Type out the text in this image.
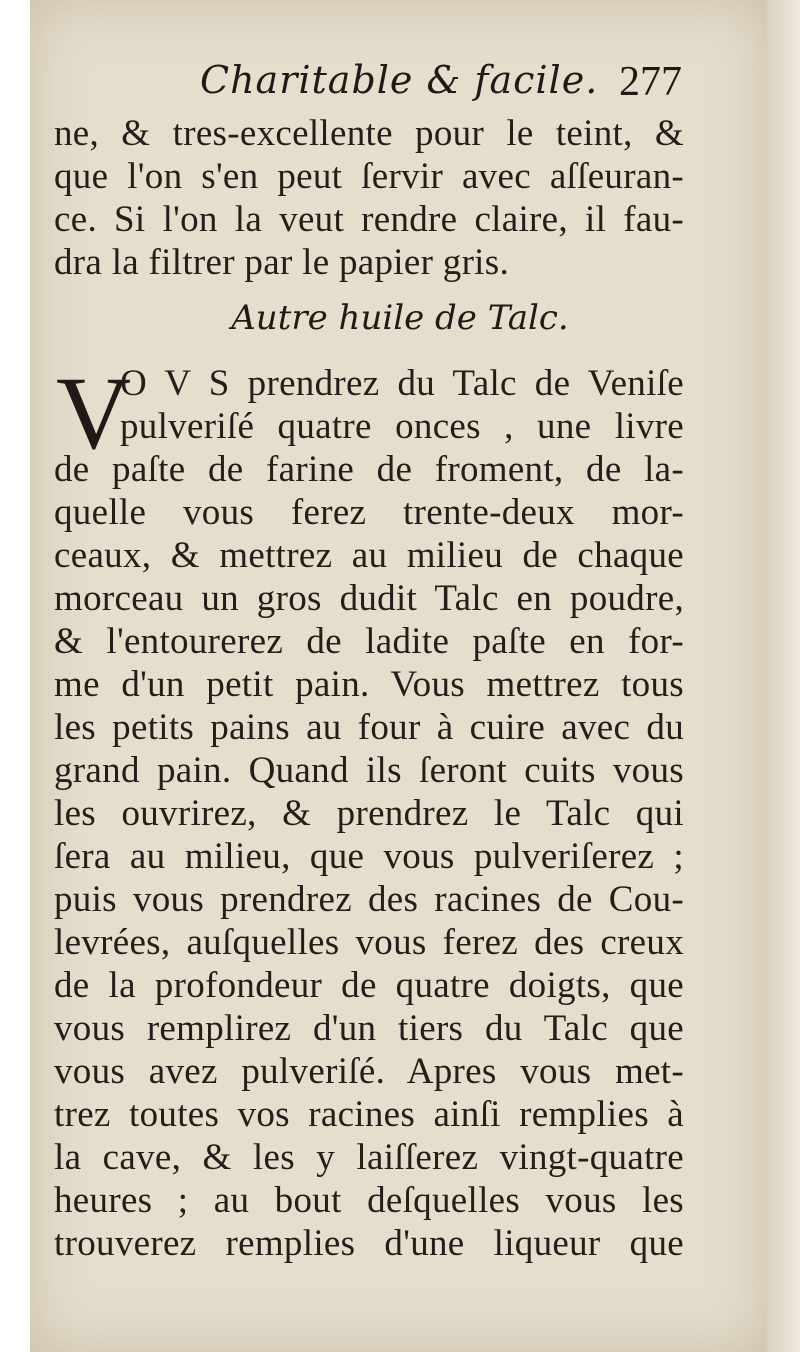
Charitable & facile. 277
ne, & tres-excellente pour le teint, &
que l'on s'en peut ſervir avec aſſeuran-
ce. Si l'on la veut rendre claire, il fau-
dra la filtrer par le papier gris.
Autre huile de Talc.
V
O V S prendrez du Talc de Veniſe
pulveriſé quatre onces , une livre
de paſte de farine de froment, de la-
quelle vous ferez trente-deux mor-
ceaux, & mettrez au milieu de chaque
morceau un gros dudit Talc en poudre,
& l'entourerez de ladite paſte en for-
me d'un petit pain. Vous mettrez tous
les petits pains au four à cuire avec du
grand pain. Quand ils ſeront cuits vous
les ouvrirez, & prendrez le Talc qui
ſera au milieu, que vous pulveriſerez ;
puis vous prendrez des racines de Cou-
levrées, auſquelles vous ferez des creux
de la profondeur de quatre doigts, que
vous remplirez d'un tiers du Talc que
vous avez pulveriſé. Apres vous met-
trez toutes vos racines ainſi remplies à
la cave, & les y laiſſerez vingt-quatre
heures ; au bout deſquelles vous les
trouverez remplies d'une liqueur que
